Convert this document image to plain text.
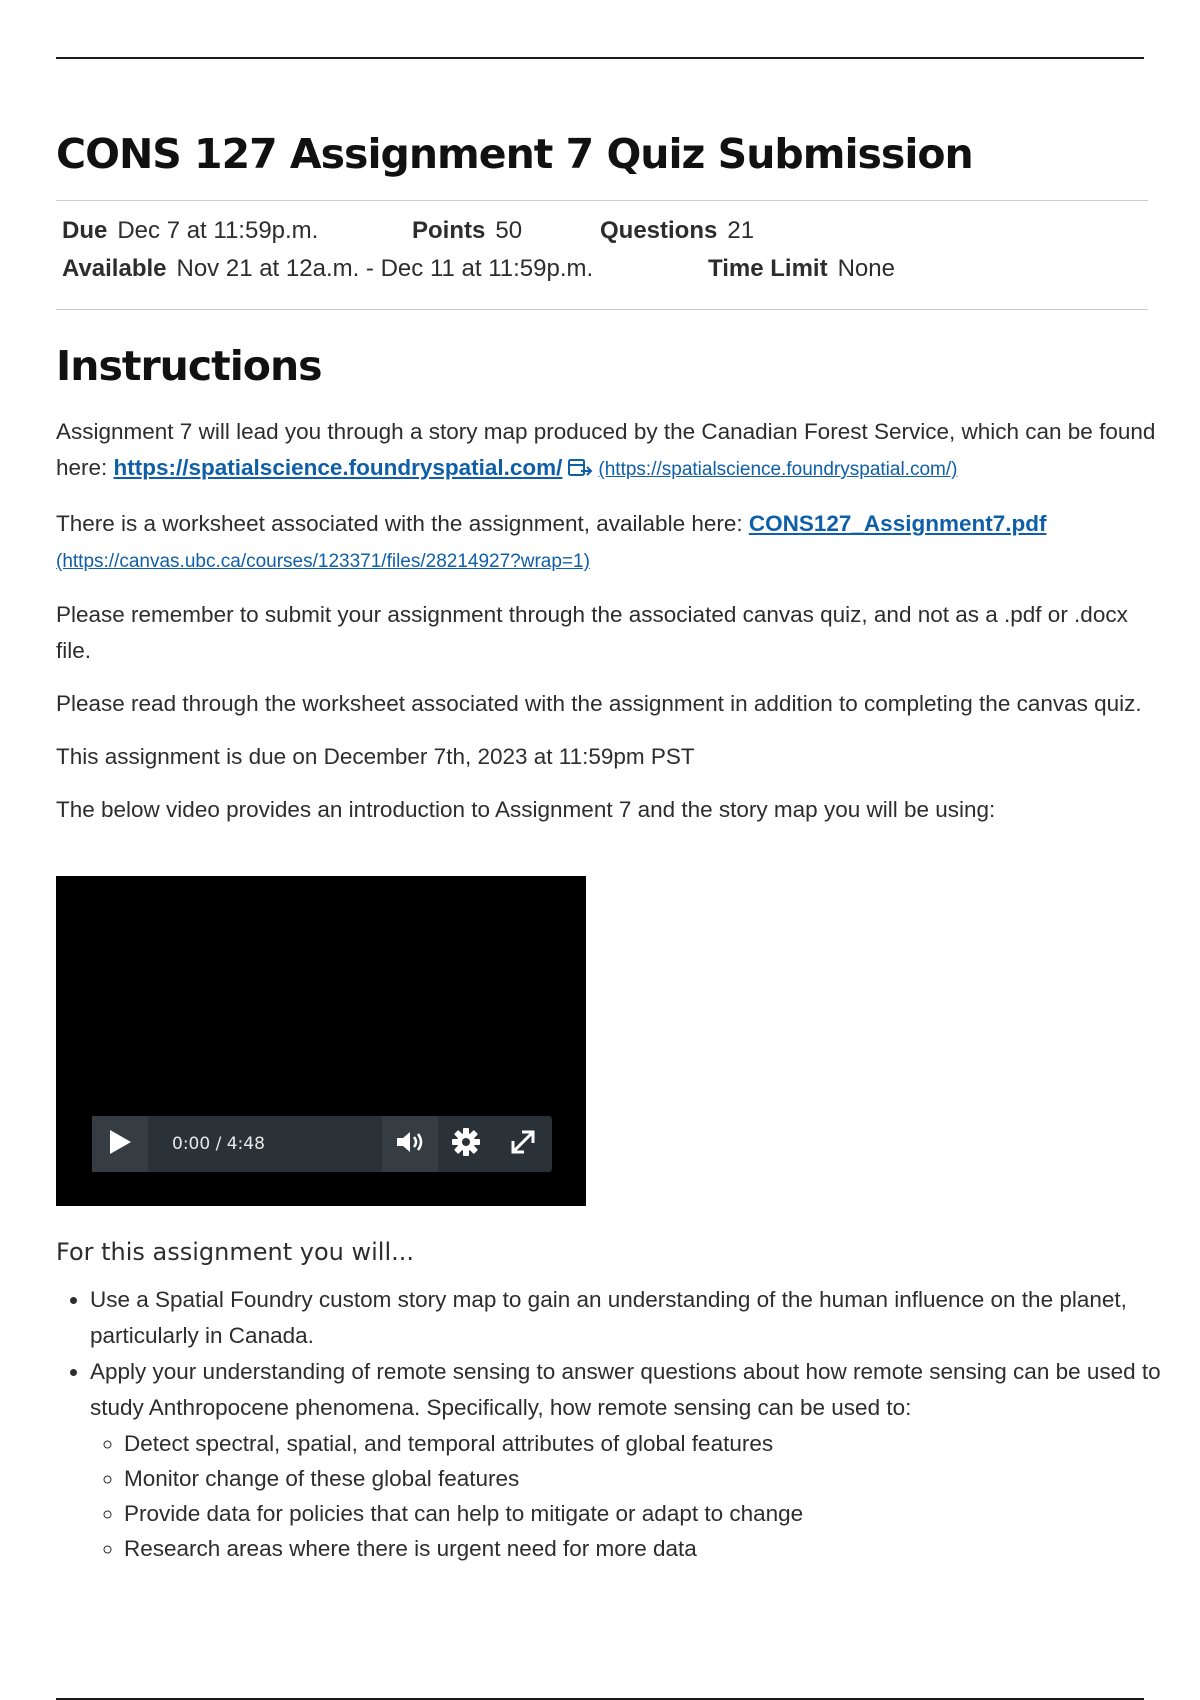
CONS 127 Assignment 7 Quiz Submission
Due Dec 7 at 11:59p.m.	Points 50	Questions 21
Available Nov 21 at 12a.m. - Dec 11 at 11:59p.m.	Time Limit None
Instructions

Assignment 7 will lead you through a story map produced by the Canadian Forest Service, which can be found here: https://spatialscience.foundryspatial.com/ (https://spatialscience.foundryspatial.com/)

There is a worksheet associated with the assignment, available here: CONS127_Assignment7.pdf
(https://canvas.ubc.ca/courses/123371/files/28214927?wrap=1)

Please remember to submit your assignment through the associated canvas quiz, and not as a .pdf or .docx file.

Please read through the worksheet associated with the assignment in addition to completing the canvas quiz.

This assignment is due on December 7th, 2023 at 11:59pm PST

The below video provides an introduction to Assignment 7 and the story map you will be using:

0:00 / 4:48
For this assignment you will...
• Use a Spatial Foundry custom story map to gain an understanding of the human influence on the planet, particularly in Canada.
• Apply your understanding of remote sensing to answer questions about how remote sensing can be used to study Anthropocene phenomena. Specifically, how remote sensing can be used to:
◦ Detect spectral, spatial, and temporal attributes of global features
◦ Monitor change of these global features
◦ Provide data for policies that can help to mitigate or adapt to change
◦ Research areas where there is urgent need for more data
